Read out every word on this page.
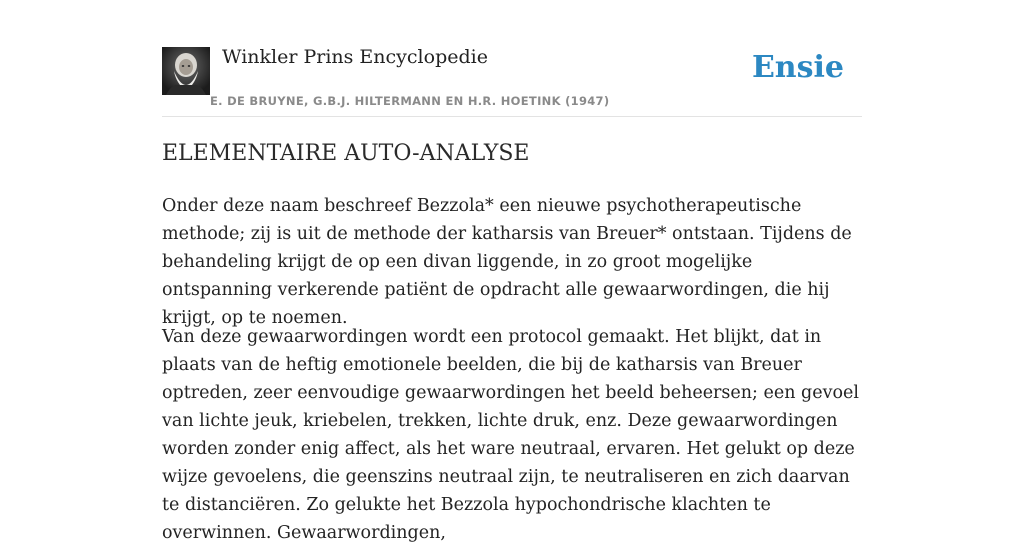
Winkler Prins Encyclopedie
E. DE BRUYNE, G.B.J. HILTERMANN EN H.R. HOETINK (1947)
Ensie
ELEMENTAIRE AUTO-ANALYSE

Onder deze naam beschreef Bezzola* een nieuwe psychotherapeutische methode; zij is uit de methode der katharsis van Breuer* ontstaan. Tijdens de behandeling krijgt de op een divan liggende, in zo groot mogelijke ontspanning verkerende patiënt de opdracht alle gewaarwordingen, die hij krijgt, op te noemen.

Van deze gewaarwordingen wordt een protocol gemaakt. Het blijkt, dat in plaats van de heftig emotionele beelden, die bij de katharsis van Breuer optreden, zeer eenvoudige gewaarwordingen het beeld beheersen; een gevoel van lichte jeuk, kriebelen, trekken, lichte druk, enz. Deze gewaarwordingen worden zonder enig affect, als het ware neutraal, ervaren. Het gelukt op deze wijze gevoelens, die geenszins neutraal zijn, te neutraliseren en zich daarvan te distanciëren. Zo gelukte het Bezzola hypochondrische klachten te overwinnen. Gewaarwordingen,
